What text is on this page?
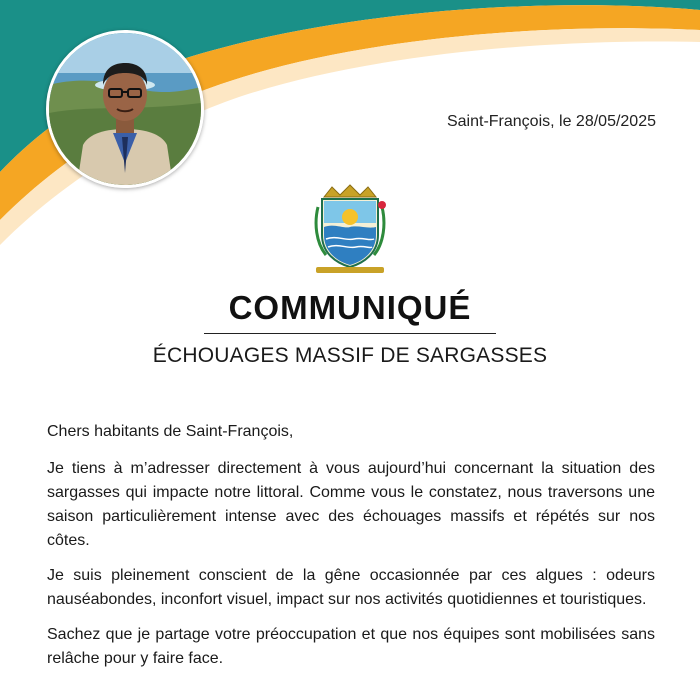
Saint-François, le 28/05/2025
COMMUNIQUÉ
ÉCHOUAGES MASSIF DE SARGASSES

Chers habitants de Saint-François,

Je tiens à m’adresser directement à vous aujourd’hui concernant la situation des sargasses qui impacte notre littoral. Comme vous le constatez, nous traversons une saison particulièrement intense avec des échouages massifs et répétés sur nos côtes.

Je suis pleinement conscient de la gêne occasionnée par ces algues : odeurs nauséabondes, inconfort visuel, impact sur nos activités quotidiennes et touristiques.

Sachez que je partage votre préoccupation et que nos équipes sont mobilisées sans relâche pour y faire face.
